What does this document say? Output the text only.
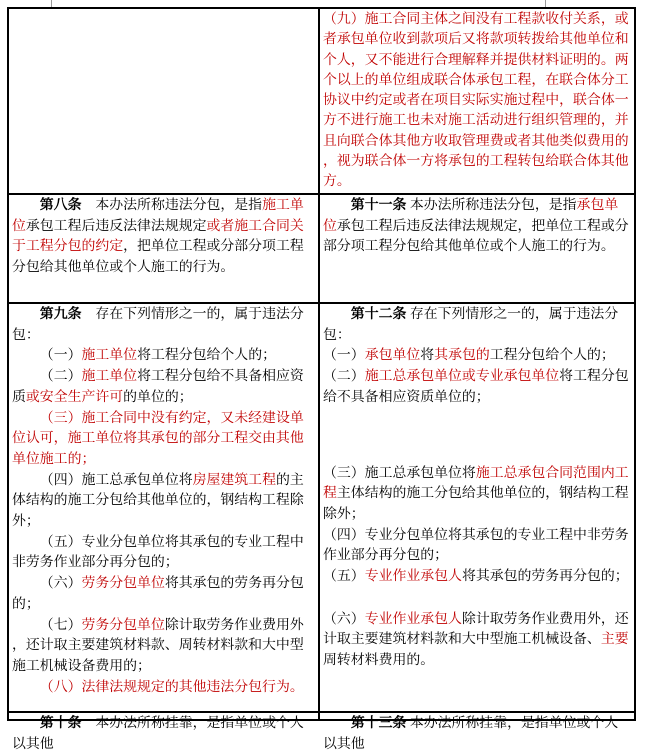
（九）施工合同主体之间没有工程款收付关系，或者承包单位收到款项后又将款项转拨给其他单位和个人，又不能进行合理解释并提供材料证明的。两个以上的单位组成联合体承包工程，在联合体分工协议中约定或者在项目实际实施过程中，联合体一方不进行施工也未对施工活动进行组织管理的，并且向联合体其他方收取管理费或者其他类似费用的，视为联合体一方将承包的工程转包给联合体其他方。

第八条　本办法所称违法分包，是指施工单位承包工程后违反法律法规规定或者施工合同关于工程分包的约定，把单位工程或分部分项工程分包给其他单位或个人施工的行为。

第十一条 本办法所称违法分包，是指承包单位承包工程后违反法律法规规定，把单位工程或分部分项工程分包给其他单位或个人施工的行为。

第九条　存在下列情形之一的，属于违法分包：

（一）施工单位将工程分包给个人的；

（二）施工单位将工程分包给不具备相应资质或安全生产许可的单位的；

（三）施工合同中没有约定，又未经建设单位认可，施工单位将其承包的部分工程交由其他单位施工的；

（四）施工总承包单位将房屋建筑工程的主体结构的施工分包给其他单位的，钢结构工程除外；

（五）专业分包单位将其承包的专业工程中非劳务作业部分再分包的；

（六）劳务分包单位将其承包的劳务再分包的；

（七）劳务分包单位除计取劳务作业费用外，还计取主要建筑材料款、周转材料款和大中型施工机械设备费用的；

（八）法律法规规定的其他违法分包行为。

第十二条 存在下列情形之一的，属于违法分包：

（一）承包单位将其承包的工程分包给个人的；

（二）施工总承包单位或专业承包单位将工程分包给不具备相应资质单位的；

（三）施工总承包单位将施工总承包合同范围内工程主体结构的施工分包给其他单位的，钢结构工程除外；

（四）专业分包单位将其承包的专业工程中非劳务作业部分再分包的；

（五）专业作业承包人将其承包的劳务再分包的；

（六）专业作业承包人除计取劳务作业费用外，还计取主要建筑材料款和大中型施工机械设备、主要周转材料费用的。

第十条　本办法所称挂靠，是指单位或个人以其他

第十三条 本办法所称挂靠，是指单位或个人以其他
